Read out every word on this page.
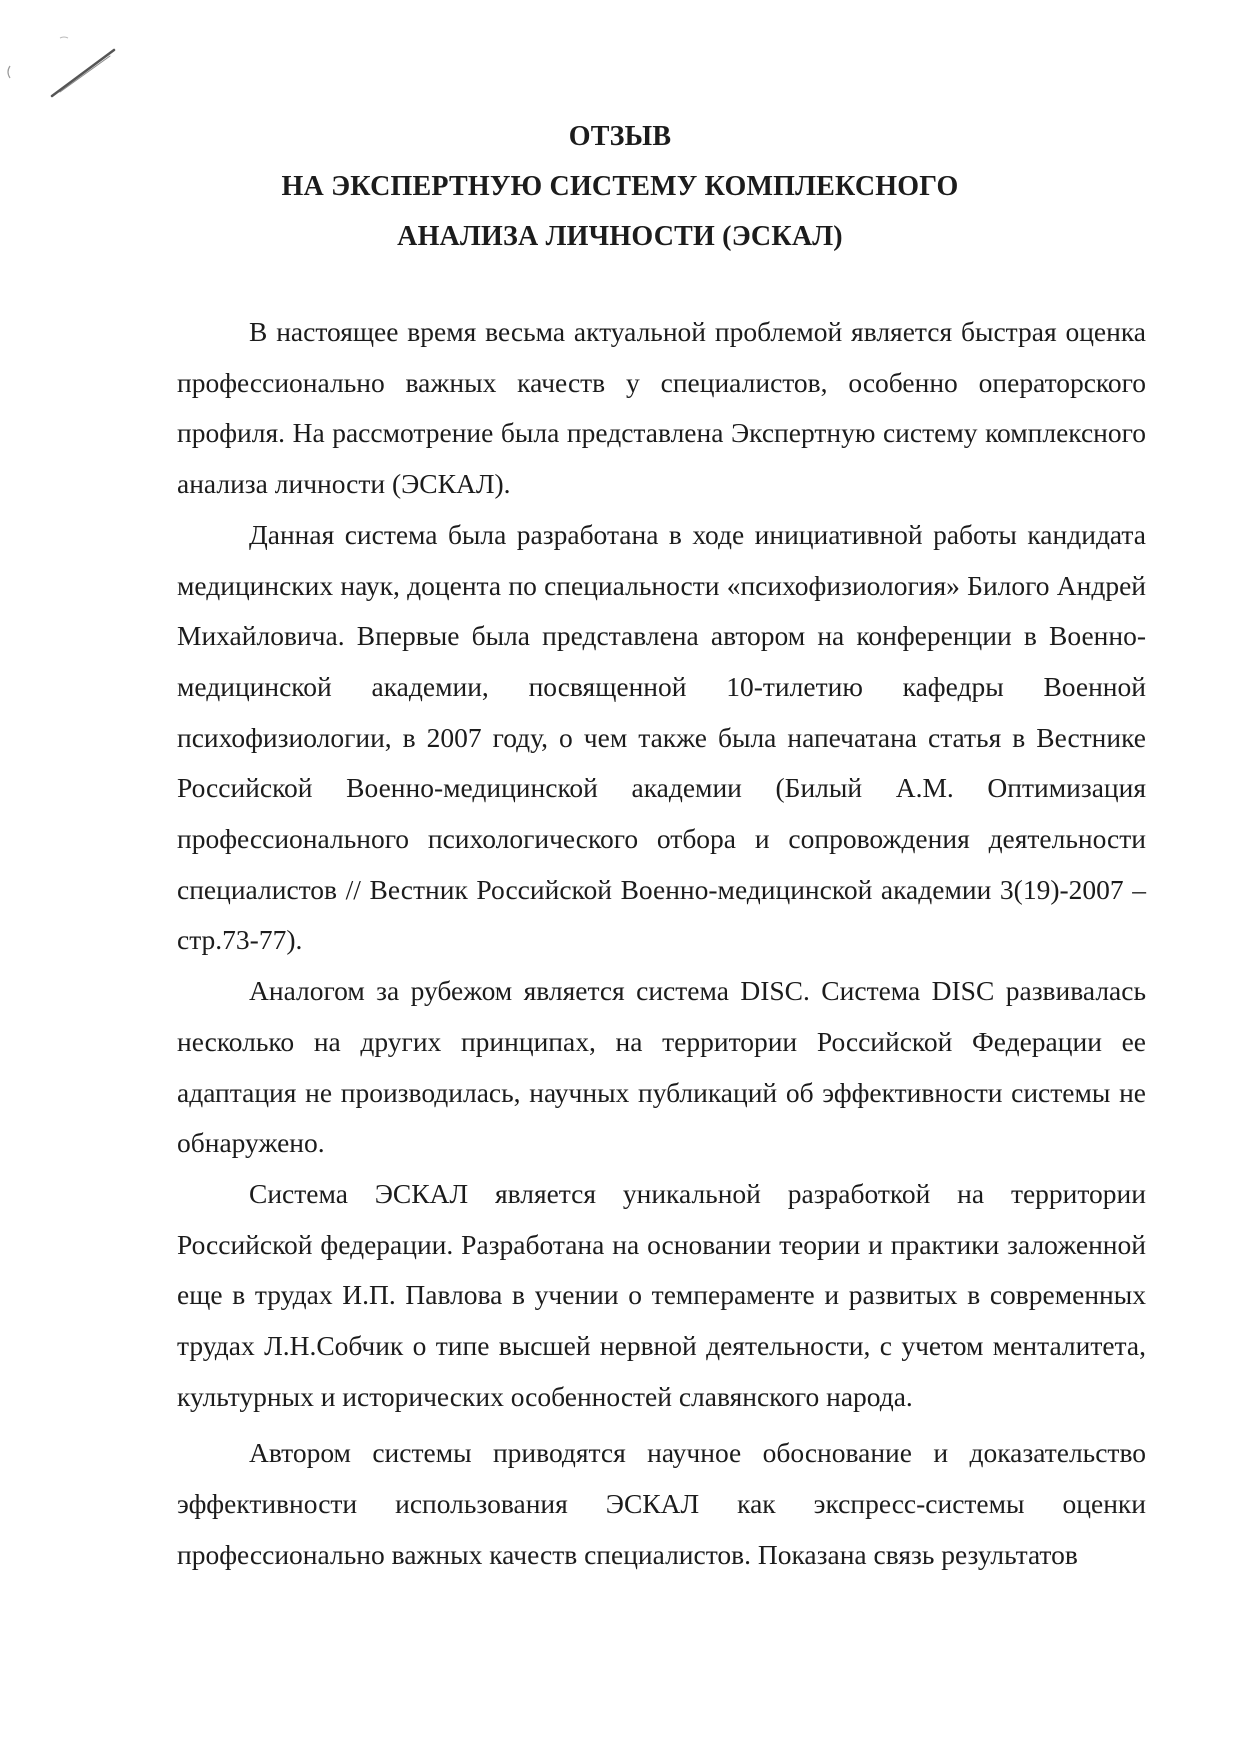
ОТЗЫВ
НА ЭКСПЕРТНУЮ СИСТЕМУ КОМПЛЕКСНОГО
АНАЛИЗА ЛИЧНОСТИ (ЭСКАЛ)

В настоящее время весьма актуальной проблемой является быстрая оценка профессионально важных качеств у специалистов, особенно операторского профиля. На рассмотрение была представлена Экспертную систему комплексного анализа личности (ЭСКАЛ).

Данная система была разработана в ходе инициативной работы кандидата медицинских наук, доцента по специальности «психофизиология» Билого Андрей Михайловича. Впервые была представлена автором на конференции в Военно-медицинской академии, посвященной 10-тилетию кафедры Военной психофизиологии, в 2007 году, о чем также была напечатана статья в Вестнике Российской Военно-медицинской академии (Билый А.М. Оптимизация профессионального психологического отбора и сопровождения деятельности специалистов // Вестник Российской Военно-медицинской академии 3(19)-2007 – стр.73-77).

Аналогом за рубежом является система DISC. Система DISC развивалась несколько на других принципах, на территории Российской Федерации ее адаптация не производилась, научных публикаций об эффективности системы не обнаружено.

Система ЭСКАЛ является уникальной разработкой на территории Российской федерации. Разработана на основании теории и практики заложенной еще в трудах И.П. Павлова в учении о темпераменте и развитых в современных трудах Л.Н.Собчик о типе высшей нервной деятельности, с учетом менталитета, культурных и исторических особенностей славянского народа.

Автором системы приводятся научное обоснование и доказательство эффективности использования ЭСКАЛ как экспресс-системы оценки профессионально важных качеств специалистов. Показана связь результатов
